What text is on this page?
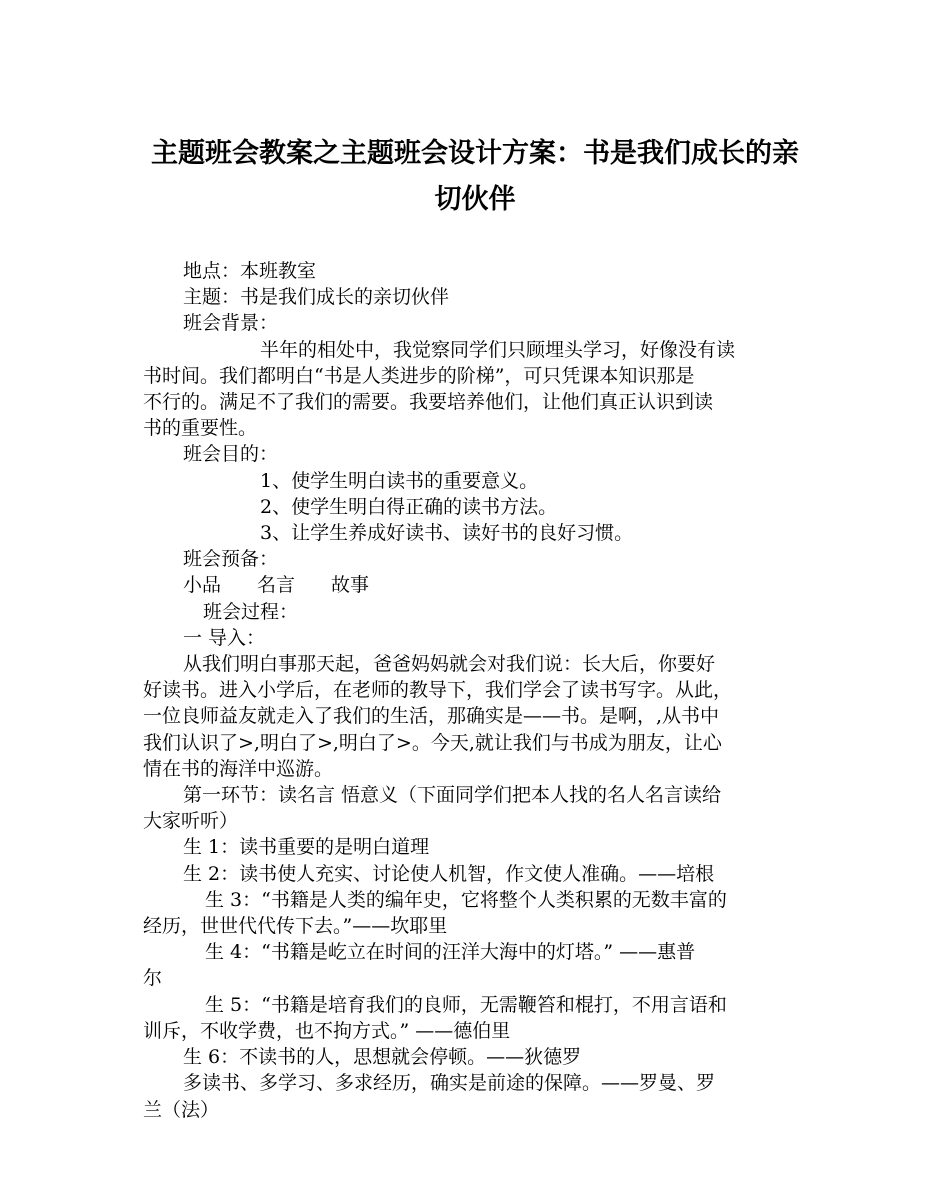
主题班会教案之主题班会设计方案：书是我们成长的亲
切伙伴

地点：本班教室

主题：书是我们成长的亲切伙伴

班会背景：

半年的相处中，我觉察同学们只顾埋头学习，好像没有读

书时间。我们都明白“书是人类进步的阶梯”，可只凭课本知识那是

不行的。满足不了我们的需要。我要培养他们，让他们真正认识到读

书的重要性。

班会目的：

1、使学生明白读书的重要意义。

2、使学生明白得正确的读书方法。

3、让学生养成好读书、读好书的良好习惯。

班会预备：

小品 名言 故事

班会过程：

一 导入：

从我们明白事那天起，爸爸妈妈就会对我们说：长大后，你要好

好读书。进入小学后，在老师的教导下，我们学会了读书写字。从此，

一位良师益友就走入了我们的生活，那确实是——书。是啊，,从书中

我们认识了>,明白了>,明白了>。今天,就让我们与书成为朋友，让心

情在书的海洋中巡游。

第一环节：读名言 悟意义（下面同学们把本人找的名人名言读给

大家听听）

生 1：读书重要的是明白道理

生 2：读书使人充实、讨论使人机智，作文使人准确。——培根

生 3：“书籍是人类的编年史，它将整个人类积累的无数丰富的

经历，世世代代传下去。”——坎耶里

生 4：“书籍是屹立在时间的汪洋大海中的灯塔。” ——惠普

尔

生 5：“书籍是培育我们的良师，无需鞭笞和棍打，不用言语和

训斥，不收学费，也不拘方式。” ——德伯里

生 6：不读书的人，思想就会停顿。——狄德罗

多读书、多学习、多求经历，确实是前途的保障。——罗曼、罗

兰（法）
